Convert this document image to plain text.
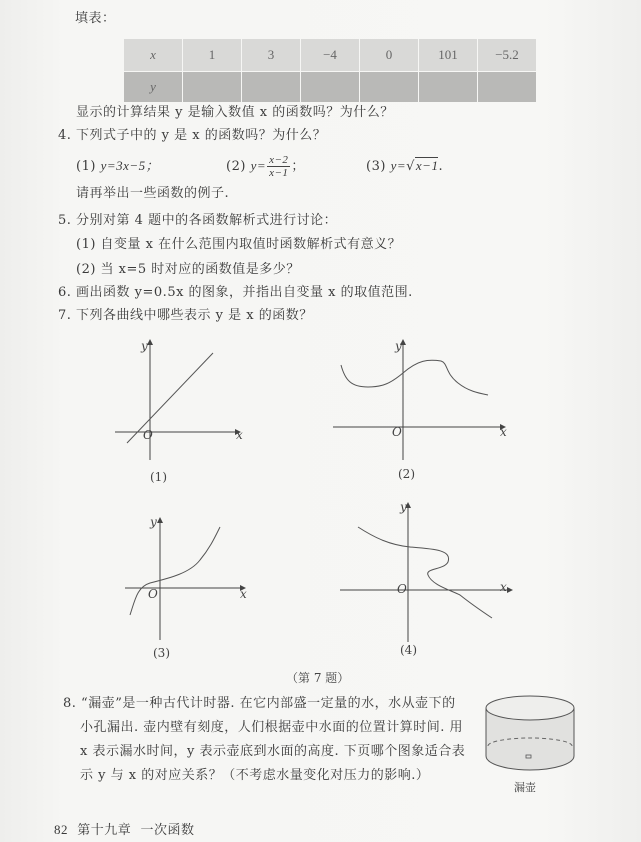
填表：
x	1	3	−4	0	101	−5.2
y						
显示的计算结果 y 是输入数值 x 的函数吗？为什么？
4. 下列式子中的 y 是 x 的函数吗？为什么？
(1) y=3x−5；	(2) $y= \frac{x-2}{x-1}$ ；	(3) y=√x−1.
请再举出一些函数的例子.
5. 分别对第 4 题中的各函数解析式进行讨论：
(1) 自变量 x 在什么范围内取值时函数解析式有意义？
(2) 当 x=5 时对应的函数值是多少？
6. 画出函数 y=0.5x 的图象，并指出自变量 x 的取值范围.
7. 下列各曲线中哪些表示 y 是 x 的函数？
y
x
O
(1)
y
x
O
(2)
y
x
O
(3)
y
x
O
(4)
（第 7 题）
8. “漏壶”是一种古代计时器. 在它内部盛一定量的水，水从壶下的
小孔漏出. 壶内壁有刻度，人们根据壶中水面的位置计算时间. 用
x 表示漏水时间，y 表示壶底到水面的高度. 下页哪个图象适合表
示 y 与 x 的对应关系？（不考虑水量变化对压力的影响.）
漏壶
82 第十九章 一次函数
